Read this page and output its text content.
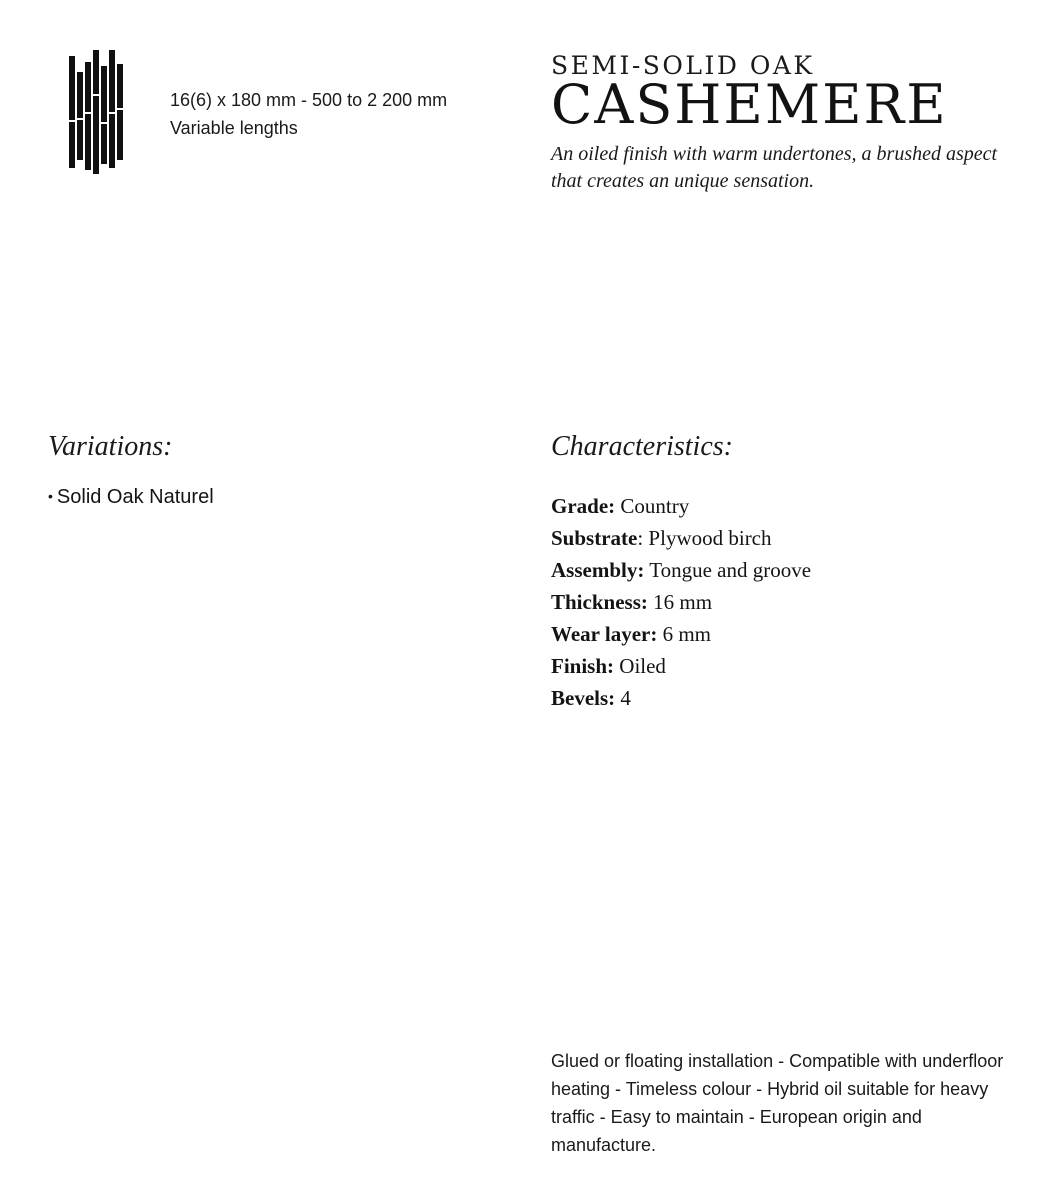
16(6) x 180 mm - 500 to 2 200 mm
Variable lengths
SEMI-SOLID OAK
CASHEMERE
An oiled finish with warm undertones, a brushed aspect that creates an unique sensation.
Variations:
• Solid Oak Naturel
Characteristics:
Grade: Country
Substrate: Plywood birch
Assembly: Tongue and groove
Thickness: 16 mm
Wear layer: 6 mm
Finish: Oiled
Bevels: 4
Glued or floating installation - Compatible with underfloor heating - Timeless colour - Hybrid oil suitable for heavy traffic - Easy to maintain - European origin and manufacture.
